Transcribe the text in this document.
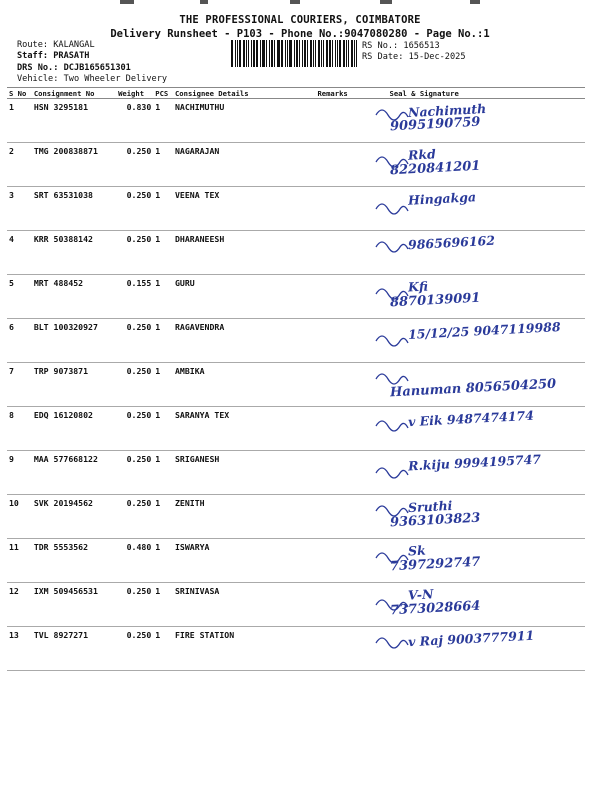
THE PROFESSIONAL COURIERS, COIMBATORE
Delivery Runsheet - P103 - Phone No.:9047080280 - Page No.:1
Route: KALANGAL
Staff: PRASATH
DRS No.: DCJB165651301
Vehicle: Two Wheeler Delivery
RS No.: 1656513
RS Date: 15-Dec-2025
S No	Consignment No	Weight	PCS	Consignee Details	Remarks	Seal & Signature
1	HSN 3295181	0.830	1	NACHIMUTHU		Nachimuth
9095190759

2	TMG 200838871	0.250	1	NAGARAJAN		Rkd
8220841201

3	SRT 63531038	0.250	1	VEENA TEX		Hingakga

4	KRR 50388142	0.250	1	DHARANEESH		9865696162

5	MRT 488452	0.155	1	GURU		Kfi
8870139091

6	BLT 100320927	0.250	1	RAGAVENDRA		15/12/25 9047119988

7	TRP 9073871	0.250	1	AMBIKA		Hanuman 8056504250

8	EDQ 16120802	0.250	1	SARANYA TEX		v Eik 9487474174

9	MAA 577668122	0.250	1	SRIGANESH		R.kiju 9994195747

10	SVK 20194562	0.250	1	ZENITH		Sruthi
9363103823

11	TDR 5553562	0.480	1	ISWARYA		Sk
7397292747

12	IXM 509456531	0.250	1	SRINIVASA		V-N
7373028664

13	TVL 8927271	0.250	1	FIRE STATION		v Raj 9003777911
